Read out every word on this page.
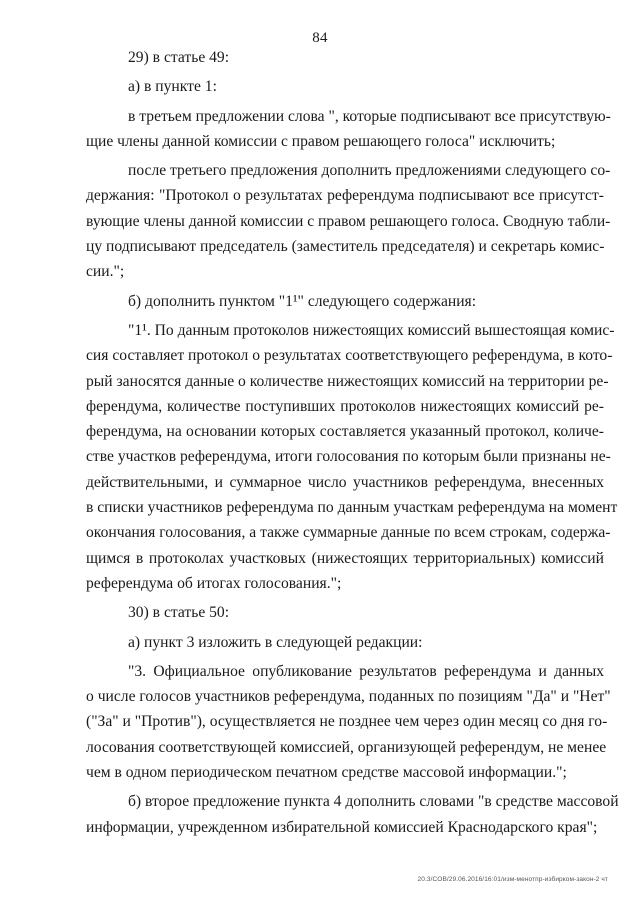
84
29) в статье 49:
а) в пункте 1:
в третьем предложении слова ", которые подписывают все присутствую-
щие члены данной комиссии с правом решающего голоса" исключить;
после третьего предложения дополнить предложениями следующего со-
держания: "Протокол о результатах референдума подписывают все присутст-
вующие члены данной комиссии с правом решающего голоса. Сводную табли-
цу подписывают председатель (заместитель председателя) и секретарь комис-
сии.";
б) дополнить пунктом "1¹" следующего содержания:
"1¹. По данным протоколов нижестоящих комиссий вышестоящая комис-
сия составляет протокол о результатах соответствующего референдума, в кото-
рый заносятся данные о количестве нижестоящих комиссий на территории ре-
ферендума, количестве поступивших протоколов нижестоящих комиссий ре-
ферендума, на основании которых составляется указанный протокол, количе-
стве участков референдума, итоги голосования по которым были признаны не-
действительными, и суммарное число участников референдума, внесенных
в списки участников референдума по данным участкам референдума на момент
окончания голосования, а также суммарные данные по всем строкам, содержа-
щимся в протоколах участковых (нижестоящих территориальных) комиссий
референдума об итогах голосования.";
30) в статье 50:
а) пункт 3 изложить в следующей редакции:
"3. Официальное опубликование результатов референдума и данных
о числе голосов участников референдума, поданных по позициям "Да" и "Нет"
("За" и "Против"), осуществляется не позднее чем через один месяц со дня го-
лосования соответствующей комиссией, организующей референдум, не менее
чем в одном периодическом печатном средстве массовой информации.";
б) второе предложение пункта 4 дополнить словами "в средстве массовой
информации, учрежденном избирательной комиссией Краснодарского края";
20.3/COB/29.06.2016/16:01/изм-менотпр-избирком-закон-2 чт
